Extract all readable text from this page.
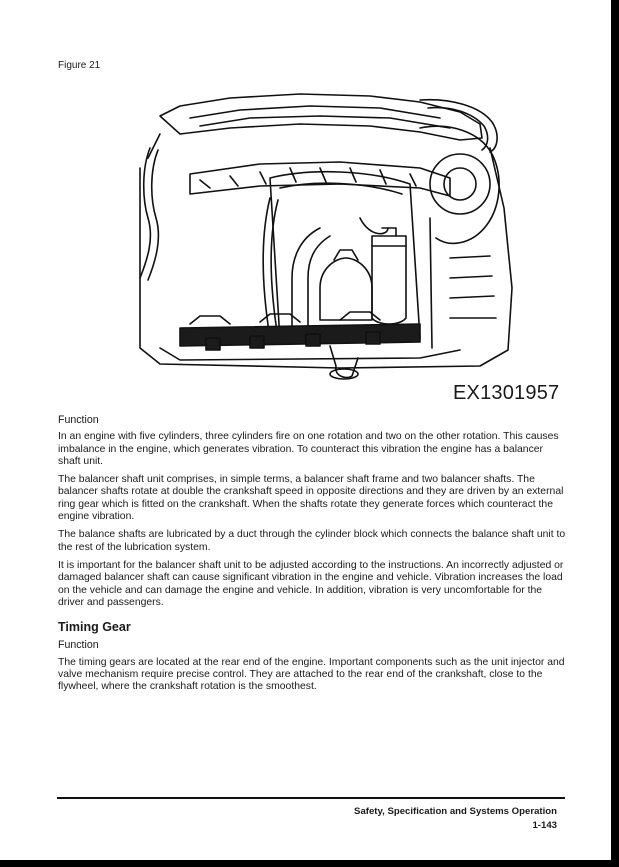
Figure 21
EX1301957
Function

In an engine with five cylinders, three cylinders fire on one rotation and two on the other rotation. This causes imbalance in the engine, which generates vibration. To counteract this vibration the engine has a balancer shaft unit.

The balancer shaft unit comprises, in simple terms, a balancer shaft frame and two balancer shafts. The balancer shafts rotate at double the crankshaft speed in opposite directions and they are driven by an external ring gear which is fitted on the crankshaft. When the shafts rotate they generate forces which counteract the engine vibration.

The balance shafts are lubricated by a duct through the cylinder block which connects the balance shaft unit to the rest of the lubrication system.

It is important for the balancer shaft unit to be adjusted according to the instructions. An incorrectly adjusted or damaged balancer shaft can cause significant vibration in the engine and vehicle. Vibration increases the load on the vehicle and can damage the engine and vehicle. In addition, vibration is very uncomfortable for the driver and passengers.

Timing Gear
Function

The timing gears are located at the rear end of the engine. Important components such as the unit injector and valve mechanism require precise control. They are attached to the rear end of the crankshaft, close to the flywheel, where the crankshaft rotation is the smoothest.

Safety, Specification and Systems Operation
1-143
